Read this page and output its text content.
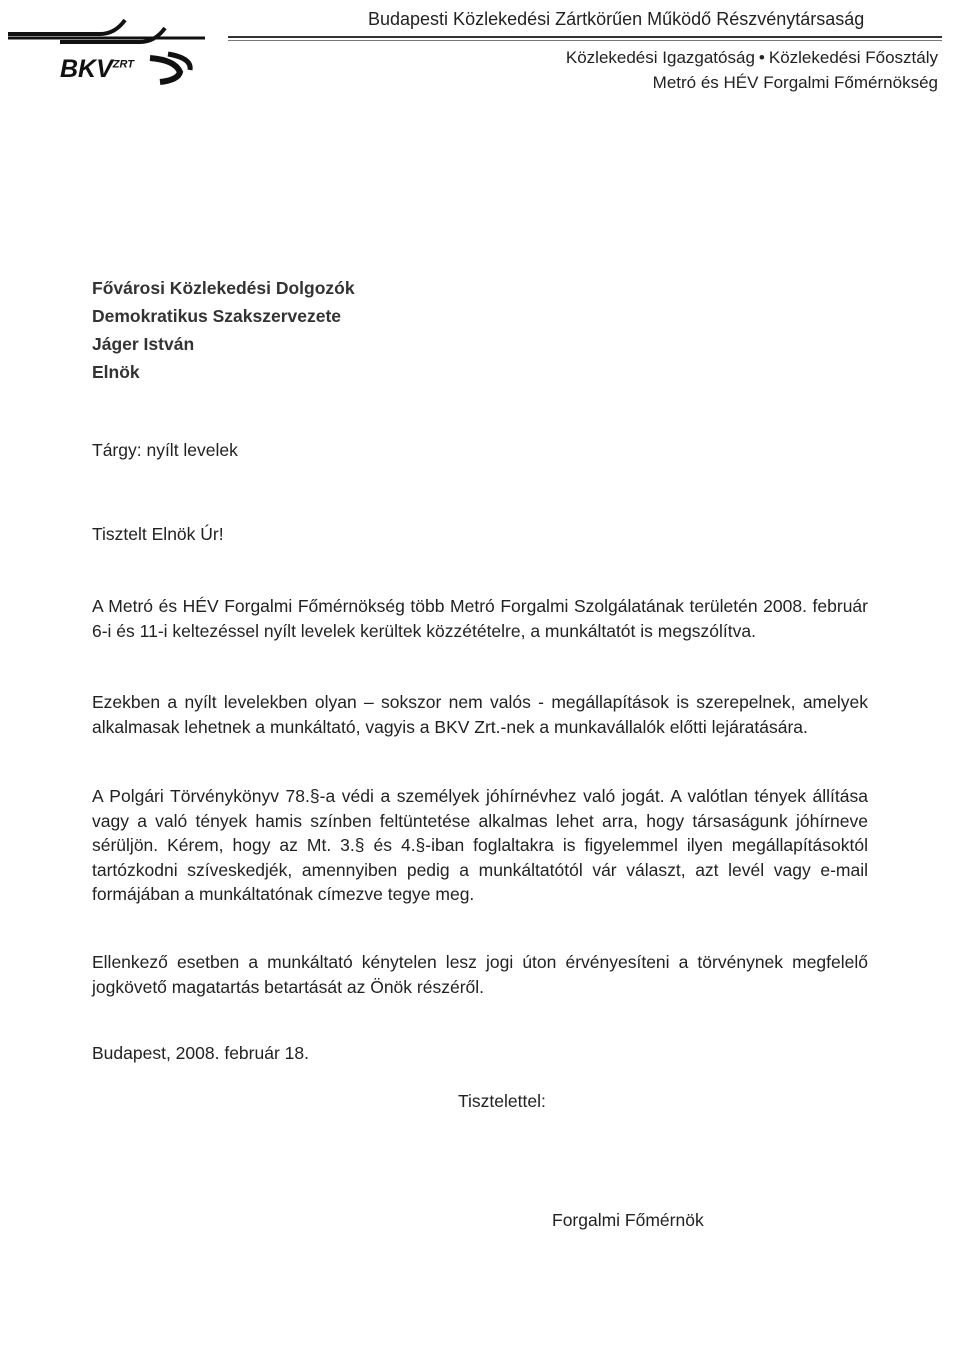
$BKV^{ZRT}$
Budapesti Közlekedési Zártkörűen Működő Részvénytársaság
Közlekedési Igazgatóság • Közlekedési Főosztály
Metró és HÉV Forgalmi Főmérnökség
Fővárosi Közlekedési Dolgozók
Demokratikus Szakszervezete
Jáger István
Elnök
Tárgy: nyílt levelek
Tisztelt Elnök Úr!
A Metró és HÉV Forgalmi Főmérnökség több Metró Forgalmi Szolgálatának területén 2008. február 6-i és 11-i keltezéssel nyílt levelek kerültek közzétételre, a munkáltatót is megszólítva.
Ezekben a nyílt levelekben olyan – sokszor nem valós - megállapítások is szerepelnek, amelyek alkalmasak lehetnek a munkáltató, vagyis a BKV Zrt.-nek a munkavállalók előtti lejáratására.
A Polgári Törvénykönyv 78.§-a védi a személyek jóhírnévhez való jogát. A valótlan tények állítása vagy a való tények hamis színben feltüntetése alkalmas lehet arra, hogy társaságunk jóhírneve sérüljön. Kérem, hogy az Mt. 3.§ és 4.§-iban foglaltakra is figyelemmel ilyen megállapításoktól tartózkodni szíveskedjék, amennyiben pedig a munkáltatótól vár választ, azt levél vagy e-mail formájában a munkáltatónak címezve tegye meg.
Ellenkező esetben a munkáltató kénytelen lesz jogi úton érvényesíteni a törvénynek megfelelő jogkövető magatartás betartását az Önök részéről.
Budapest, 2008. február 18.
Tisztelettel:
Forgalmi Főmérnök
